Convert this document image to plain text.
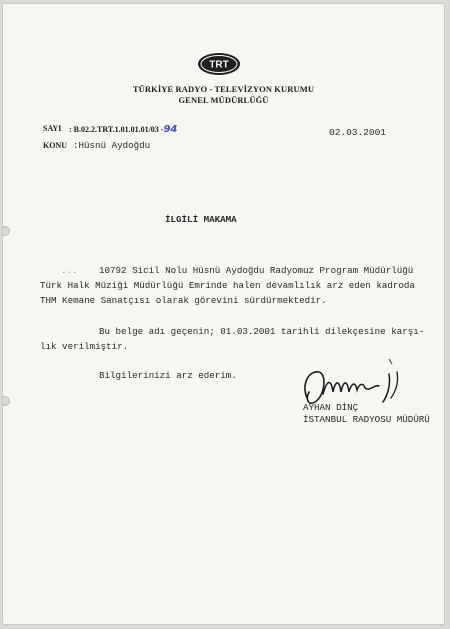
TRT
TÜRKİYE RADYO - TELEVİZYON KURUMU
GENEL MÜDÜRLÜĞÜ
SAYI : B.02.2.TRT.1.01.01.01/03 -94	02.03.2001
KONU :Hüsnü Aydoğdu
İLGİLİ MAKAMA
... 10792 Sicil Nolu Hüsnü Aydoğdu Radyomuz Program Müdürlüğü
Türk Halk Müziği Müdürlüğü Emrinde halen devamlılık arz eden kadroda
THM Kemane Sanatçısı olarak görevini sürdürmektedir.
Bu belge adı geçenin; 01.03.2001 tarihli dilekçesine karşı-
lık verilmiştir.
Bilgilerinizi arz ederim.
AYHAN DİNÇ
İSTANBUL RADYOSU MÜDÜRÜ
